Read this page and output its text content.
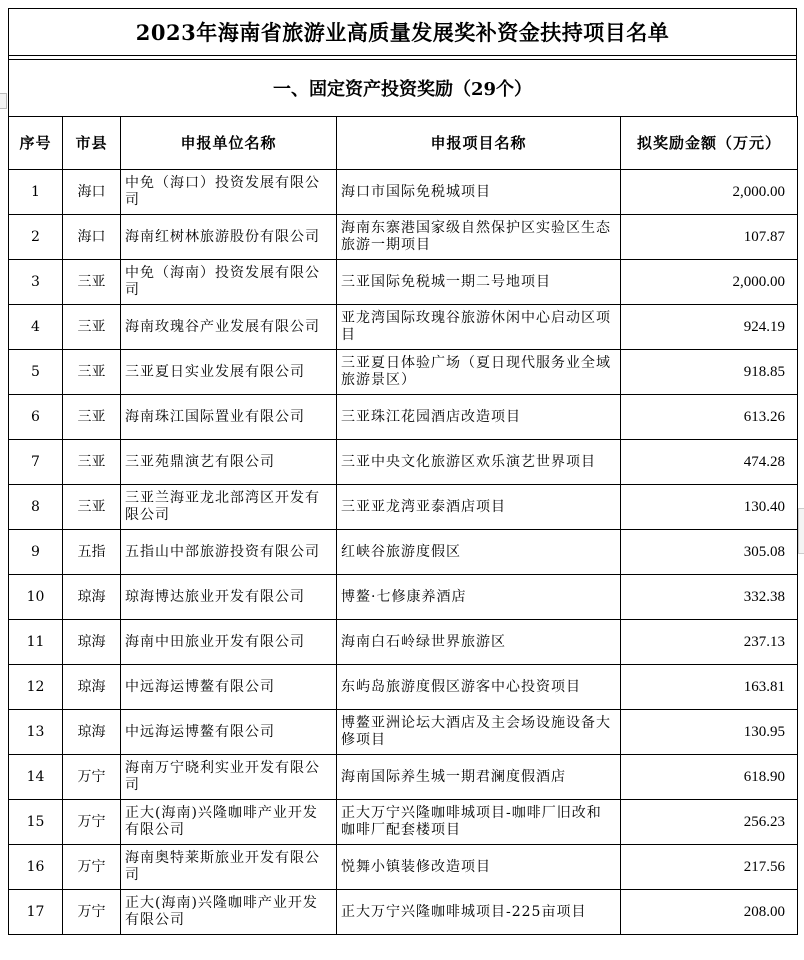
2023年海南省旅游业高质量发展奖补资金扶持项目名单
一、固定资产投资奖励（29个）
序号	市县	申报单位名称	申报项目名称	拟奖励金额（万元）
1	海口	中免（海口）投资发展有限公司	海口市国际免税城项目	2,000.00
2	海口	海南红树林旅游股份有限公司	海南东寨港国家级自然保护区实验区生态旅游一期项目	107.87
3	三亚	中免（海南）投资发展有限公司	三亚国际免税城一期二号地项目	2,000.00
4	三亚	海南玫瑰谷产业发展有限公司	亚龙湾国际玫瑰谷旅游休闲中心启动区项目	924.19
5	三亚	三亚夏日实业发展有限公司	三亚夏日体验广场（夏日现代服务业全域旅游景区）	918.85
6	三亚	海南珠江国际置业有限公司	三亚珠江花园酒店改造项目	613.26
7	三亚	三亚苑鼎演艺有限公司	三亚中央文化旅游区欢乐演艺世界项目	474.28
8	三亚	三亚兰海亚龙北部湾区开发有限公司	三亚亚龙湾亚泰酒店项目	130.40
9	五指	五指山中部旅游投资有限公司	红峡谷旅游度假区	305.08
10	琼海	琼海博达旅业开发有限公司	博鳌·七修康养酒店	332.38
11	琼海	海南中田旅业开发有限公司	海南白石岭绿世界旅游区	237.13
12	琼海	中远海运博鳌有限公司	东屿岛旅游度假区游客中心投资项目	163.81
13	琼海	中远海运博鳌有限公司	博鳌亚洲论坛大酒店及主会场设施设备大修项目	130.95
14	万宁	海南万宁晓利实业开发有限公司	海南国际养生城一期君澜度假酒店	618.90
15	万宁	正大(海南)兴隆咖啡产业开发有限公司	正大万宁兴隆咖啡城项目-咖啡厂旧改和咖啡厂配套楼项目	256.23
16	万宁	海南奥特莱斯旅业开发有限公司	悦舞小镇装修改造项目	217.56
17	万宁	正大(海南)兴隆咖啡产业开发有限公司	正大万宁兴隆咖啡城项目-225亩项目	208.00
